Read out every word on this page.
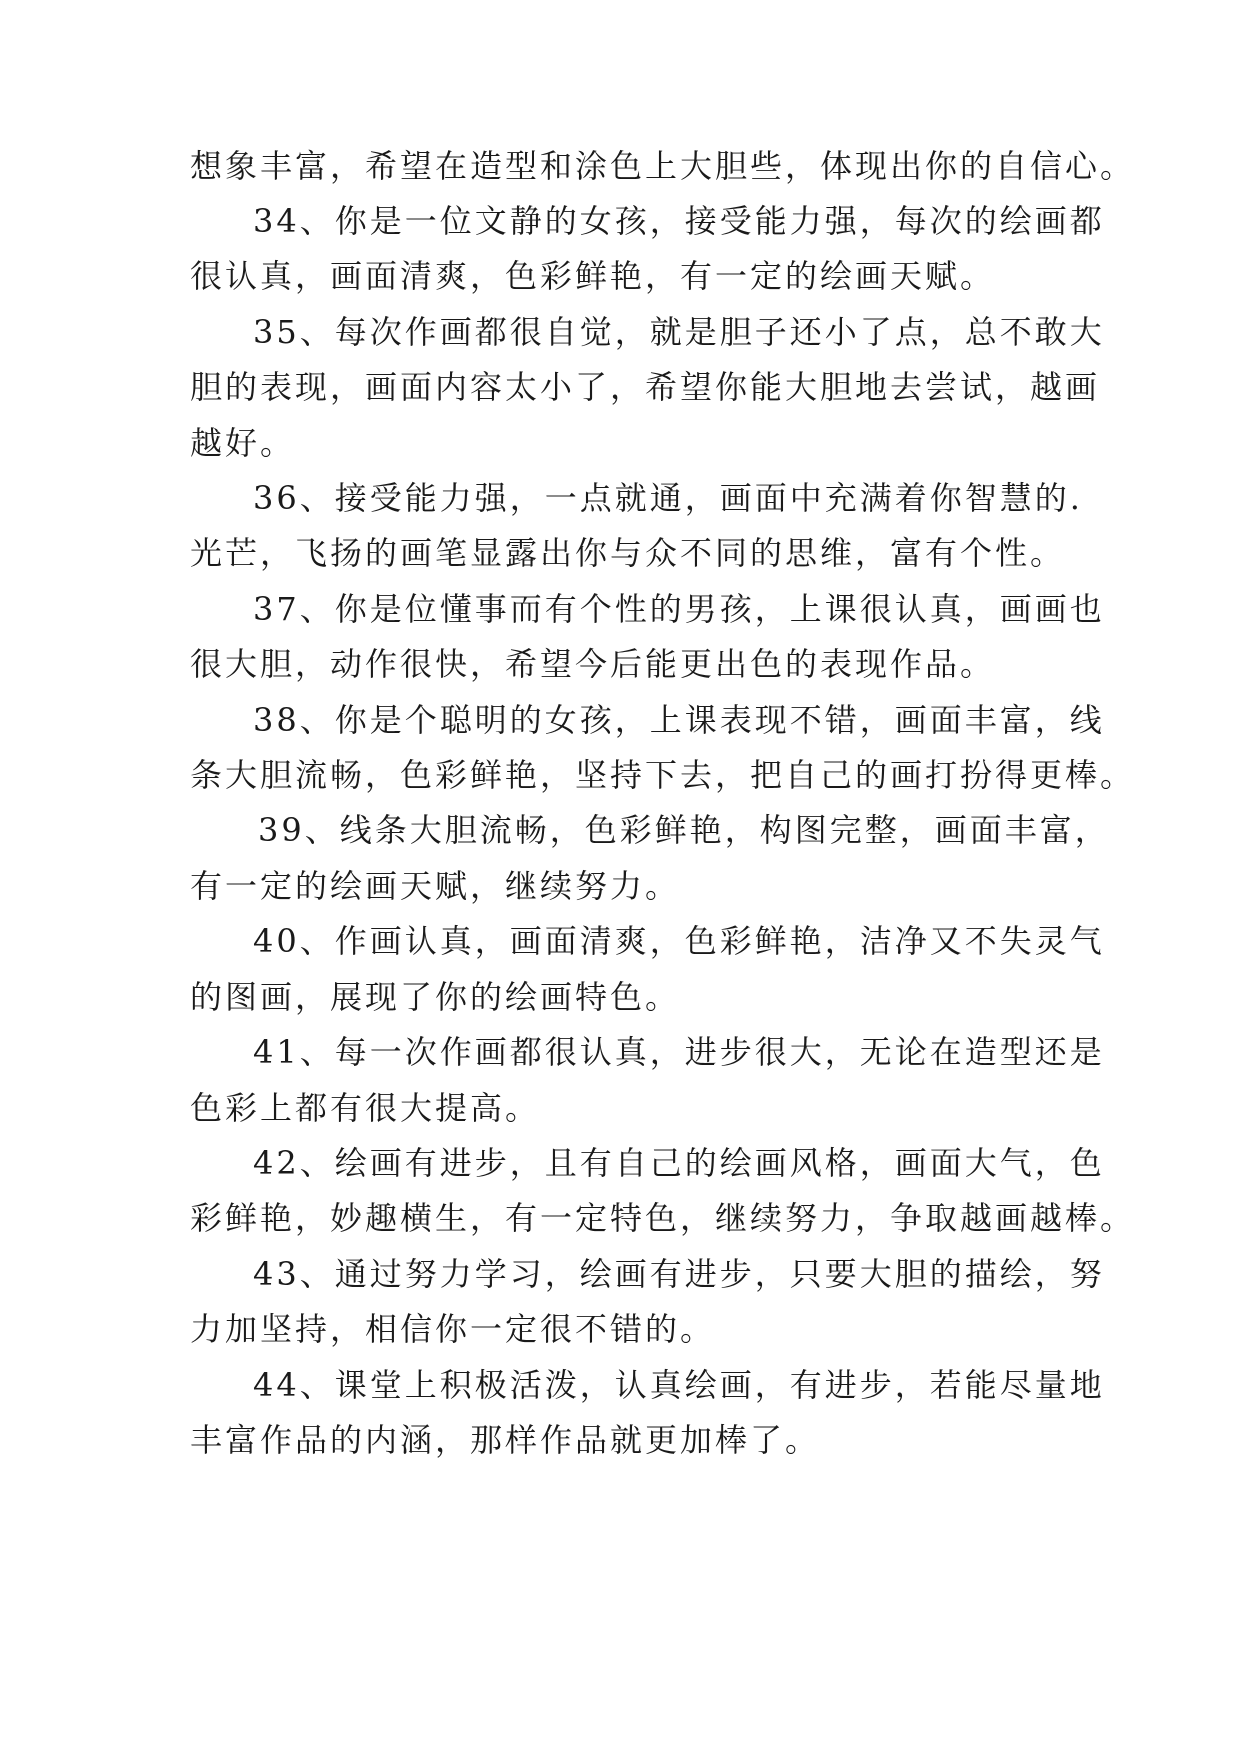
想象丰富，希望在造型和涂色上大胆些，体现出你的自信心。
34、你是一位文静的女孩，接受能力强，每次的绘画都
很认真，画面清爽，色彩鲜艳，有一定的绘画天赋。
35、每次作画都很自觉，就是胆子还小了点，总不敢大
胆的表现，画面内容太小了，希望你能大胆地去尝试，越画
越好。
36、接受能力强，一点就通，画面中充满着你智慧的.
光芒，飞扬的画笔显露出你与众不同的思维，富有个性。
37、你是位懂事而有个性的男孩，上课很认真，画画也
很大胆，动作很快，希望今后能更出色的表现作品。
38、你是个聪明的女孩，上课表现不错，画面丰富，线
条大胆流畅，色彩鲜艳，坚持下去，把自己的画打扮得更棒。
39、线条大胆流畅，色彩鲜艳，构图完整，画面丰富，
有一定的绘画天赋，继续努力。
40、作画认真，画面清爽，色彩鲜艳，洁净又不失灵气
的图画，展现了你的绘画特色。
41、每一次作画都很认真，进步很大，无论在造型还是
色彩上都有很大提高。
42、绘画有进步，且有自己的绘画风格，画面大气，色
彩鲜艳，妙趣横生，有一定特色，继续努力，争取越画越棒。
43、通过努力学习，绘画有进步，只要大胆的描绘，努
力加坚持，相信你一定很不错的。
44、课堂上积极活泼，认真绘画，有进步，若能尽量地
丰富作品的内涵，那样作品就更加棒了。
